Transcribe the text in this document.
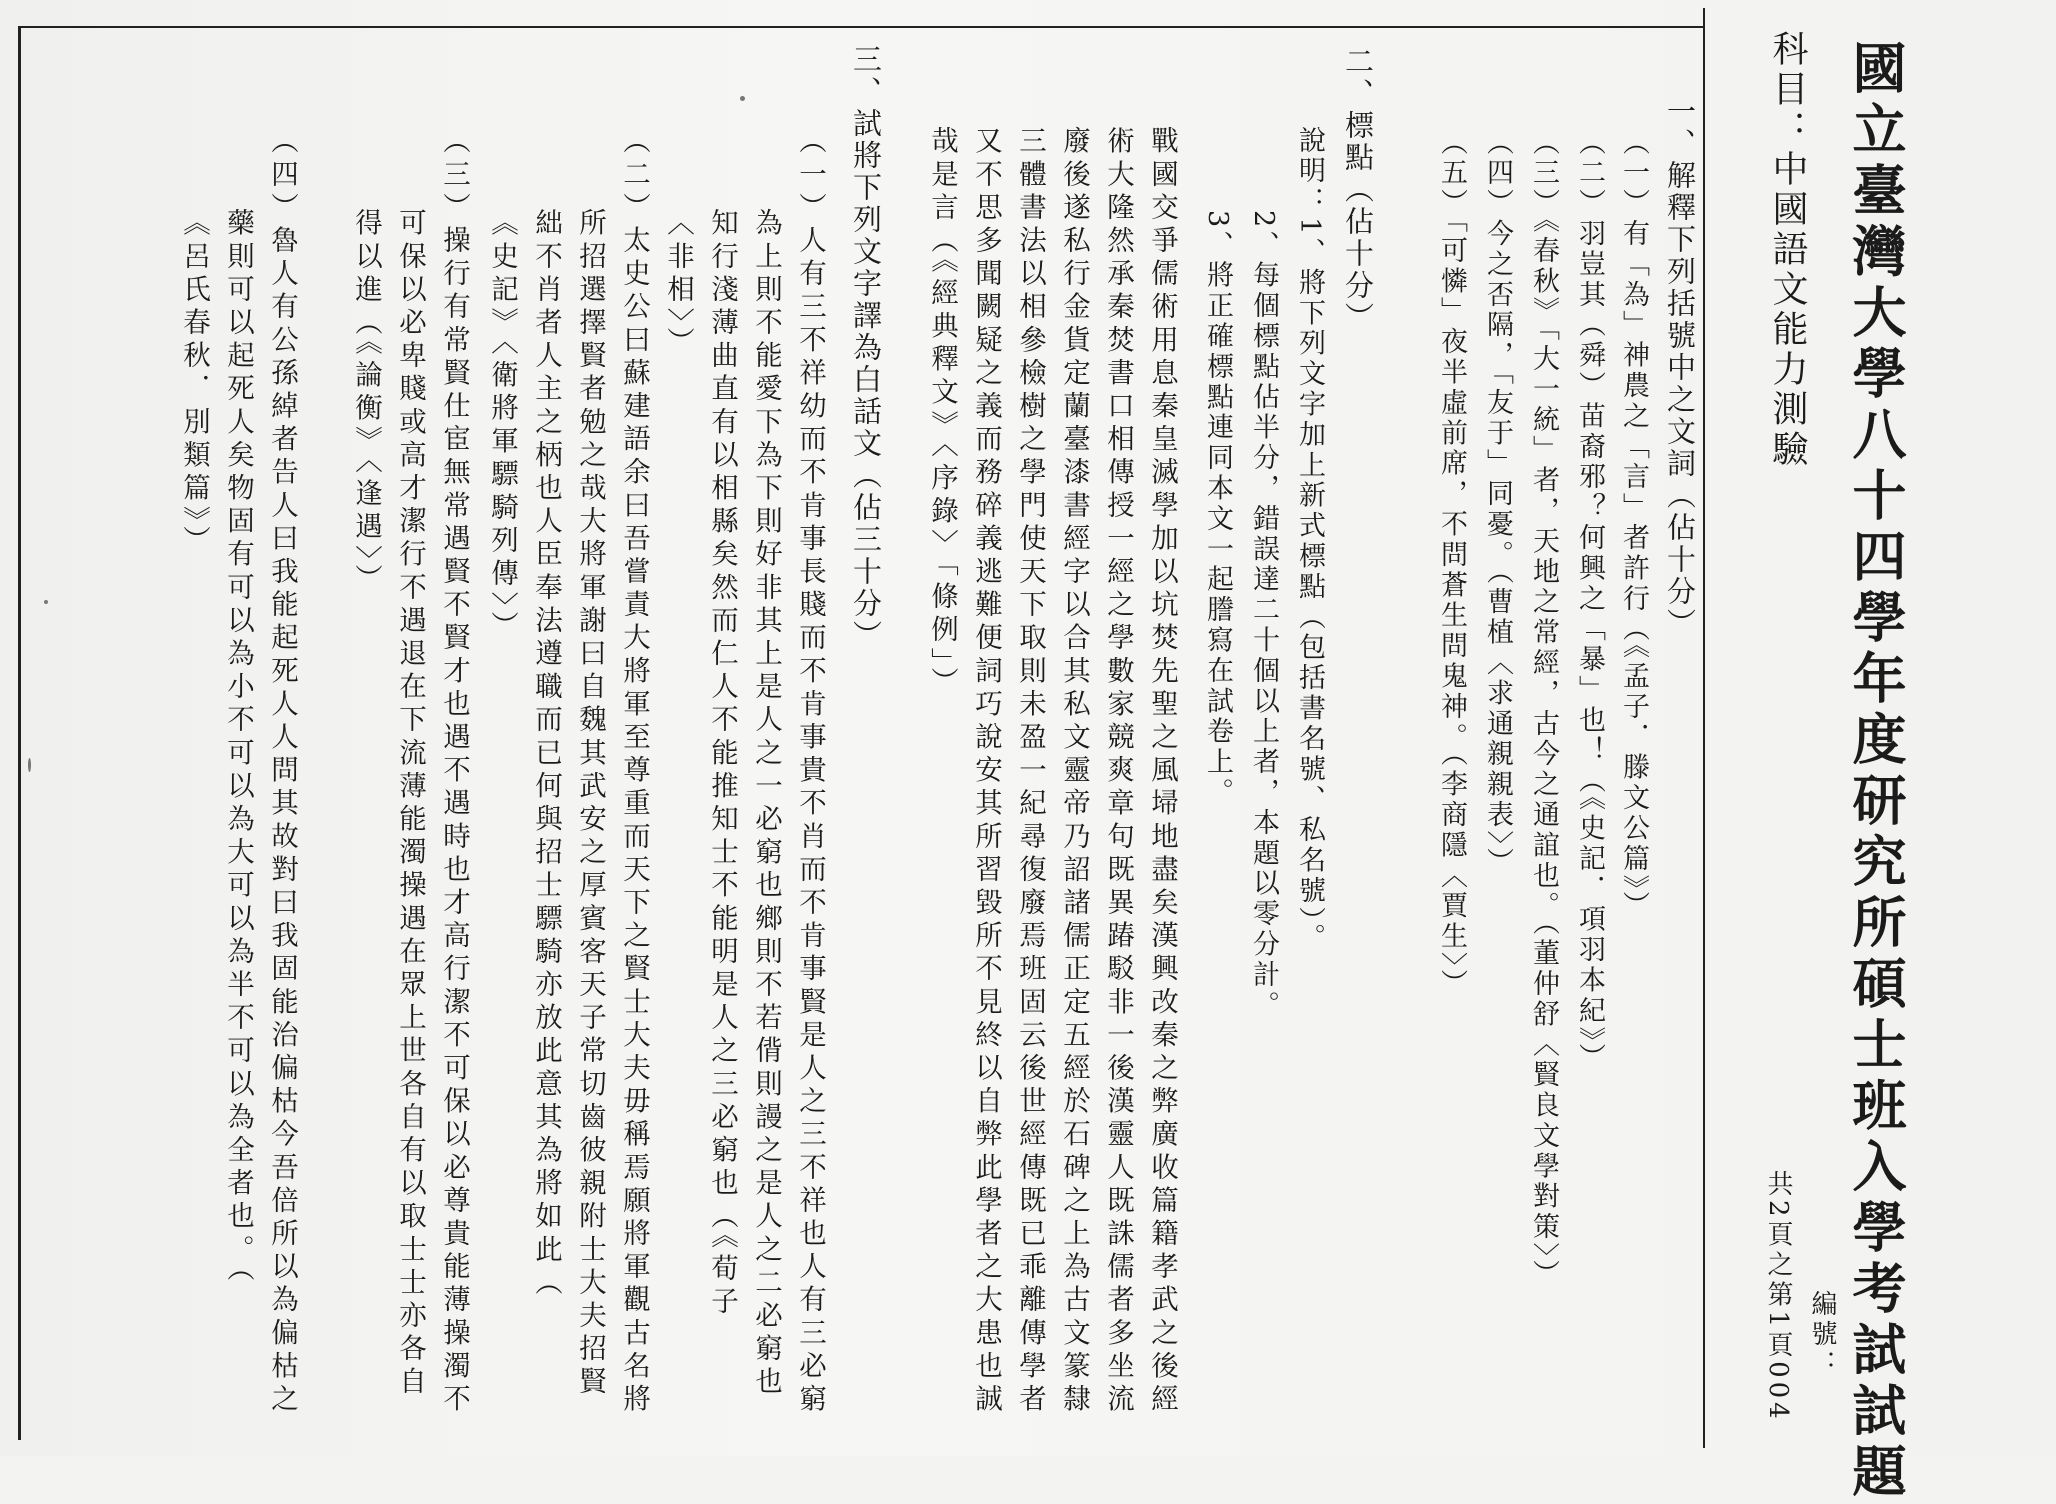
國立臺灣大學八十四學年度研究所碩士班入學考試試題
科目：中國語文能力測驗
編號：
共2頁之第1頁004
一、解釋下列括號中之文詞（佔十分）
（一）有「為」神農之「言」者許行（《孟子．滕文公篇》）
（二）羽豈其（舜）苗裔邪？何興之「暴」也！（《史記．項羽本紀》）
（三）《春秋》「大一統」者，天地之常經，古今之通誼也。（董仲舒〈賢良文學對策〉）
（四）今之否隔，「友于」同憂。（曹植〈求通親親表〉）
（五）「可憐」夜半虛前席，不問蒼生問鬼神。（李商隱〈賈生〉）
二、標點（佔十分）
說明：1、將下列文字加上新式標點（包括書名號、私名號）。
2、每個標點佔半分，錯誤達二十個以上者，本題以零分計。
3、將正確標點連同本文一起謄寫在試卷上。
戰國交爭儒術用息秦皇滅學加以坑焚先聖之風埽地盡矣漢興改秦之弊廣收篇籍孝武之後經
術大隆然承秦焚書口相傳授一經之學數家競爽章句既異踳駁非一後漢靈人既誅儒者多坐流
廢後遂私行金貨定蘭臺漆書經字以合其私文靈帝乃詔諸儒正定五經於石碑之上為古文篆隸
三體書法以相參檢樹之學門使天下取則未盈一紀尋復廢焉班固云後世經傳既已乖離傳學者
又不思多聞闕疑之義而務碎義逃難便詞巧說安其所習毀所不見終以自弊此學者之大患也誠
哉是言（《經典釋文》〈序錄〉「條例」）
三、試將下列文字譯為白話文（佔三十分）
（一）人有三不祥幼而不肯事長賤而不肯事貴不肖而不肯事賢是人之三不祥也人有三必窮
為上則不能愛下為下則好非其上是人之一必窮也鄉則不若偝則謾之是人之二必窮也
知行淺薄曲直有以相縣矣然而仁人不能推知士不能明是人之三必窮也（《荀子
〈非相〉）
（二）太史公曰蘇建語余曰吾嘗責大將軍至尊重而天下之賢士大夫毋稱焉願將軍觀古名將
所招選擇賢者勉之哉大將軍謝曰自魏其武安之厚賓客天子常切齒彼親附士大夫招賢
絀不肖者人主之柄也人臣奉法遵職而已何與招士驃騎亦放此意其為將如此（
《史記》〈衛將軍驃騎列傳〉）
（三）操行有常賢仕宦無常遇賢不賢才也遇不遇時也才高行潔不可保以必尊貴能薄操濁不
可保以必卑賤或高才潔行不遇退在下流薄能濁操遇在眾上世各自有以取士士亦各自
得以進（《論衡》〈逢遇〉）
（四）魯人有公孫綽者告人曰我能起死人人問其故對曰我固能治偏枯今吾倍所以為偏枯之
藥則可以起死人矣物固有可以為小不可以為大可以為半不可以為全者也。（
《呂氏春秋．別類篇》）
